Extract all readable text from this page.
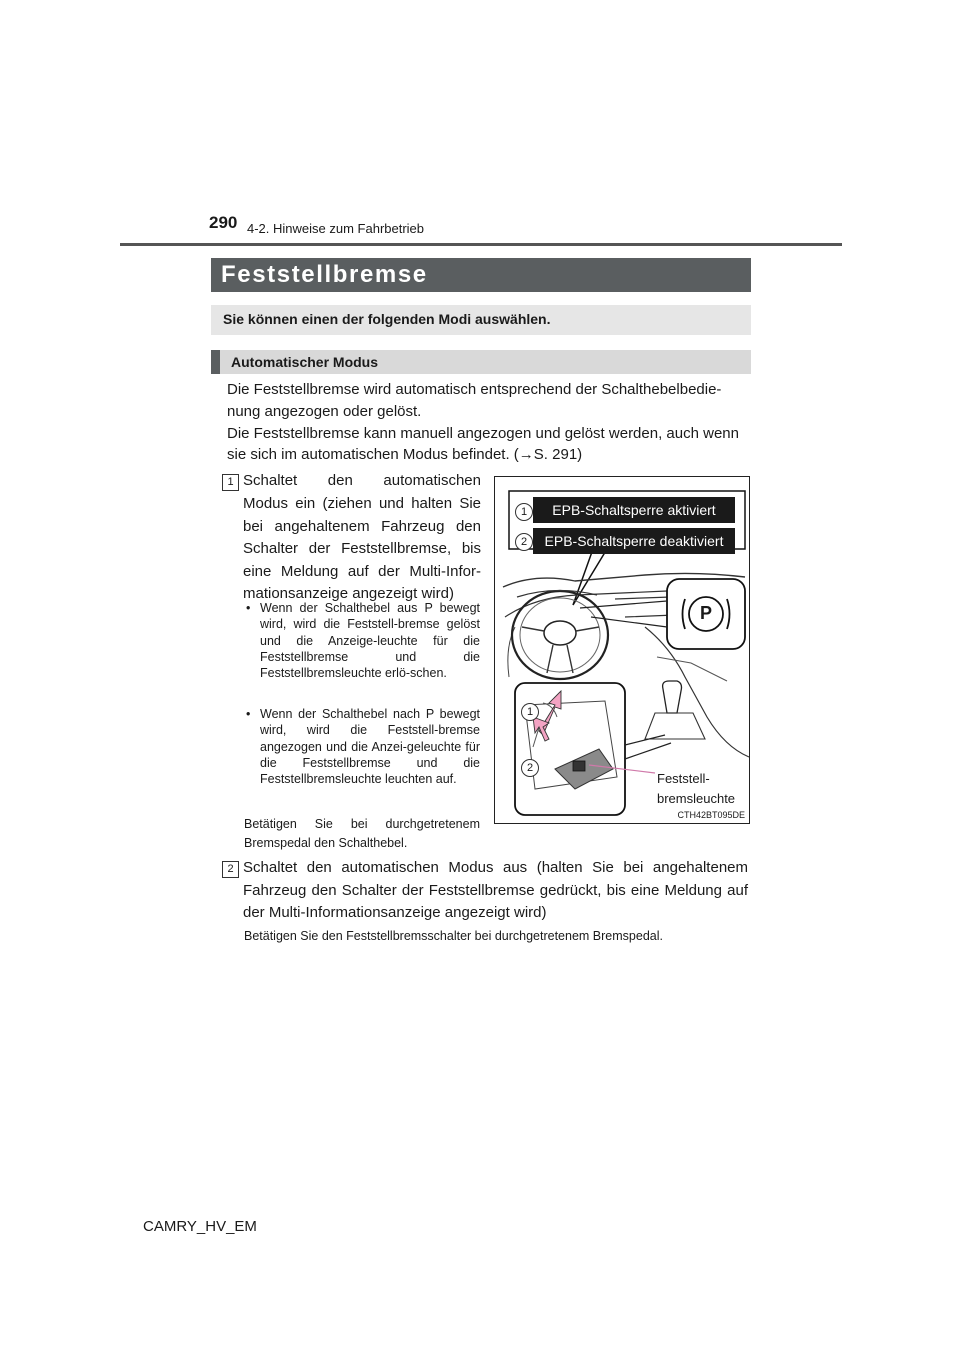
290 4-2. Hinweise zum Fahrbetrieb
Feststellbremse
Sie können einen der folgenden Modi auswählen.
Automatischer Modus
Die Feststellbremse wird automatisch entsprechend der Schalthebelbedie-
nung angezogen oder gelöst.
Die Feststellbremse kann manuell angezogen und gelöst werden, auch wenn
sie sich im automatischen Modus befindet. (→S. 291)
1 Schaltet den automatischen
Modus ein (ziehen und halten Sie
bei angehaltenem Fahrzeug den
Schalter der Feststellbremse, bis
eine Meldung auf der Multi-Infor-
mationsanzeige angezeigt wird)
• Wenn der Schalthebel aus P bewegt wird, wird die Feststell-bremse gelöst und die Anzeige-leuchte für die Feststellbremse und die Feststellbremsleuchte erlö-schen.
• Wenn der Schalthebel nach P bewegt wird, wird die Feststell-bremse angezogen und die Anzei-geleuchte für die Feststellbremse und die Feststellbremsleuchte leuchten auf.
Betätigen Sie bei durchgetretenem Bremspedal den Schalthebel.
1	EPB-Schaltsperre aktiviert
2	EPB-Schaltsperre deaktiviert
P
1
2
Feststell-
bremsleuchte
CTH42BT095DE
2 Schaltet den automatischen Modus aus (halten Sie bei angehaltenem Fahrzeug den Schalter der Feststellbremse gedrückt, bis eine Meldung auf der Multi-Informationsanzeige angezeigt wird)
Betätigen Sie den Feststellbremsschalter bei durchgetretenem Bremspedal.
CAMRY_HV_EM
